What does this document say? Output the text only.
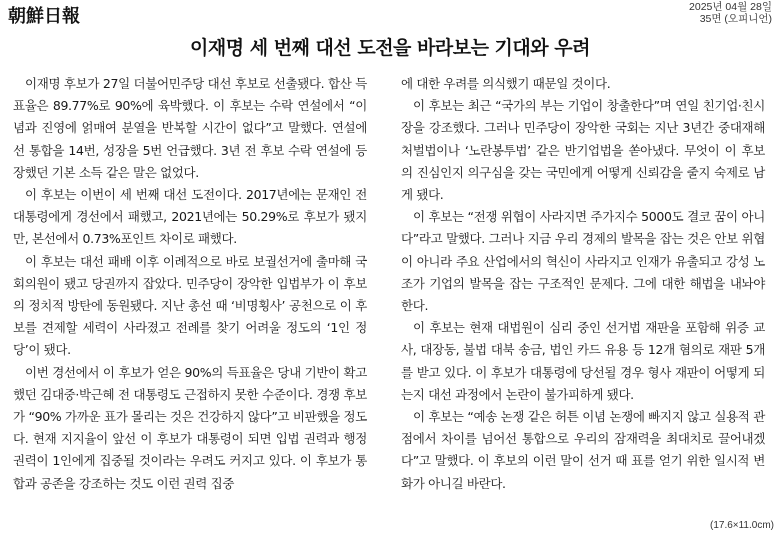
朝鮮日報	2025년 04월 28일
35면 (오피니언)
이재명 세 번째 대선 도전을 바라보는 기대와 우려

이재명 후보가 27일 더불어민주당 대선 후보로 선출됐다. 합산 득표율은 89.77%로 90%에 육박했다. 이 후보는 수락 연설에서 “이념과 진영에 얽매여 분열을 반복할 시간이 없다”고 말했다. 연설에선 통합을 14번, 성장을 5번 언급했다. 3년 전 후보 수락 연설에 등장했던 기본 소득 같은 말은 없었다.

이 후보는 이번이 세 번째 대선 도전이다. 2017년에는 문재인 전 대통령에게 경선에서 패했고, 2021년에는 50.29%로 후보가 됐지만, 본선에서 0.73%포인트 차이로 패했다.

이 후보는 대선 패배 이후 이례적으로 바로 보궐선거에 출마해 국회의원이 됐고 당권까지 잡았다. 민주당이 장악한 입법부가 이 후보의 정치적 방탄에 동원됐다. 지난 총선 때 ‘비명횡사’ 공천으로 이 후보를 견제할 세력이 사라졌고 전례를 찾기 어려울 정도의 ‘1인 정당’이 됐다.

이번 경선에서 이 후보가 얻은 90%의 득표율은 당내 기반이 확고했던 김대중·박근혜 전 대통령도 근접하지 못한 수준이다. 경쟁 후보가 “90% 가까운 표가 몰리는 것은 건강하지 않다”고 비판했을 정도다. 현재 지지율이 앞선 이 후보가 대통령이 되면 입법 권력과 행정 권력이 1인에게 집중될 것이라는 우려도 커지고 있다. 이 후보가 통합과 공존을 강조하는 것도 이런 권력 집중

에 대한 우려를 의식했기 때문일 것이다.

이 후보는 최근 “국가의 부는 기업이 창출한다”며 연일 친기업·친시장을 강조했다. 그러나 민주당이 장악한 국회는 지난 3년간 중대재해처벌법이나 ‘노란봉투법’ 같은 반기업법을 쏟아냈다. 무엇이 이 후보의 진심인지 의구심을 갖는 국민에게 어떻게 신뢰감을 줄지 숙제로 남게 됐다.

이 후보는 “전쟁 위협이 사라지면 주가지수 5000도 결코 꿈이 아니다”라고 말했다. 그러나 지금 우리 경제의 발목을 잡는 것은 안보 위협이 아니라 주요 산업에서의 혁신이 사라지고 인재가 유출되고 강성 노조가 기업의 발목을 잡는 구조적인 문제다. 그에 대한 해법을 내놔야 한다.

이 후보는 현재 대법원이 심리 중인 선거법 재판을 포함해 위증 교사, 대장동, 불법 대북 송금, 법인 카드 유용 등 12개 혐의로 재판 5개를 받고 있다. 이 후보가 대통령에 당선될 경우 형사 재판이 어떻게 되는지 대선 과정에서 논란이 불가피하게 됐다.

이 후보는 “예송 논쟁 같은 허튼 이념 논쟁에 빠지지 않고 실용적 관점에서 차이를 넘어선 통합으로 우리의 잠재력을 최대치로 끌어내겠다”고 말했다. 이 후보의 이런 말이 선거 때 표를 얻기 위한 일시적 변화가 아니길 바란다.

(17.6×11.0cm)
